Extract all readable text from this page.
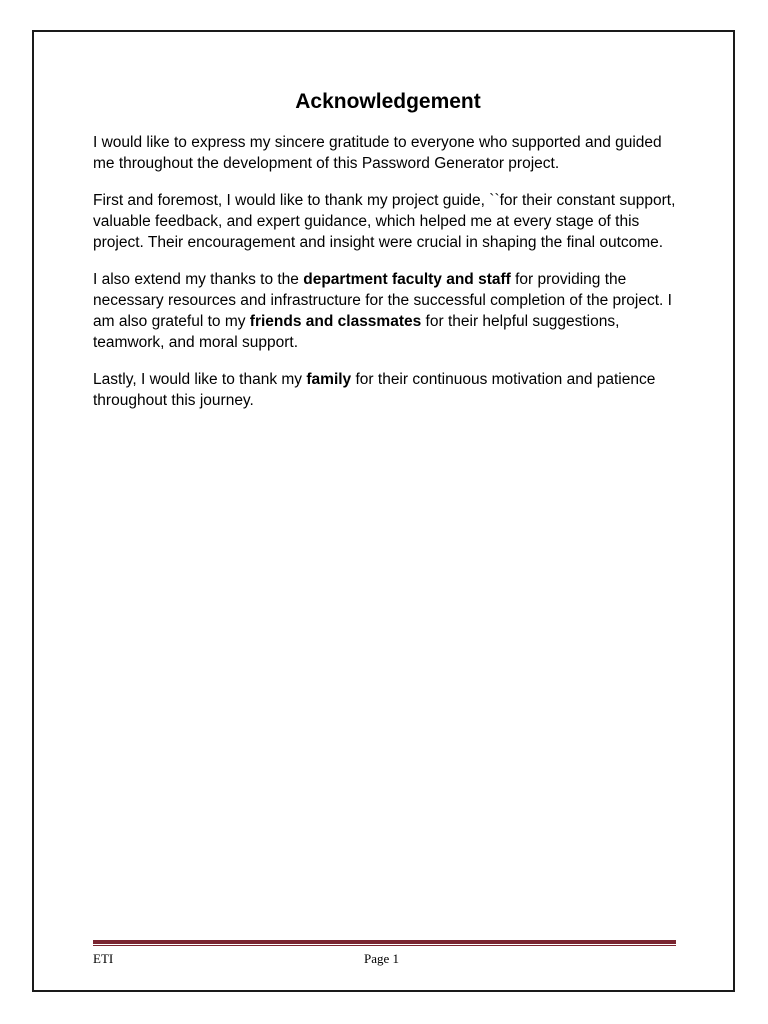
Acknowledgement

I would like to express my sincere gratitude to everyone who supported and guided me throughout the development of this Password Generator project.

First and foremost, I would like to thank my project guide, ``for their constant support, valuable feedback, and expert guidance, which helped me at every stage of this project. Their encouragement and insight were crucial in shaping the final outcome.

I also extend my thanks to the department faculty and staff for providing the necessary resources and infrastructure for the successful completion of the project. I am also grateful to my friends and classmates for their helpful suggestions, teamwork, and moral support.

Lastly, I would like to thank my family for their continuous motivation and patience throughout this journey.

ETI	Page 1
